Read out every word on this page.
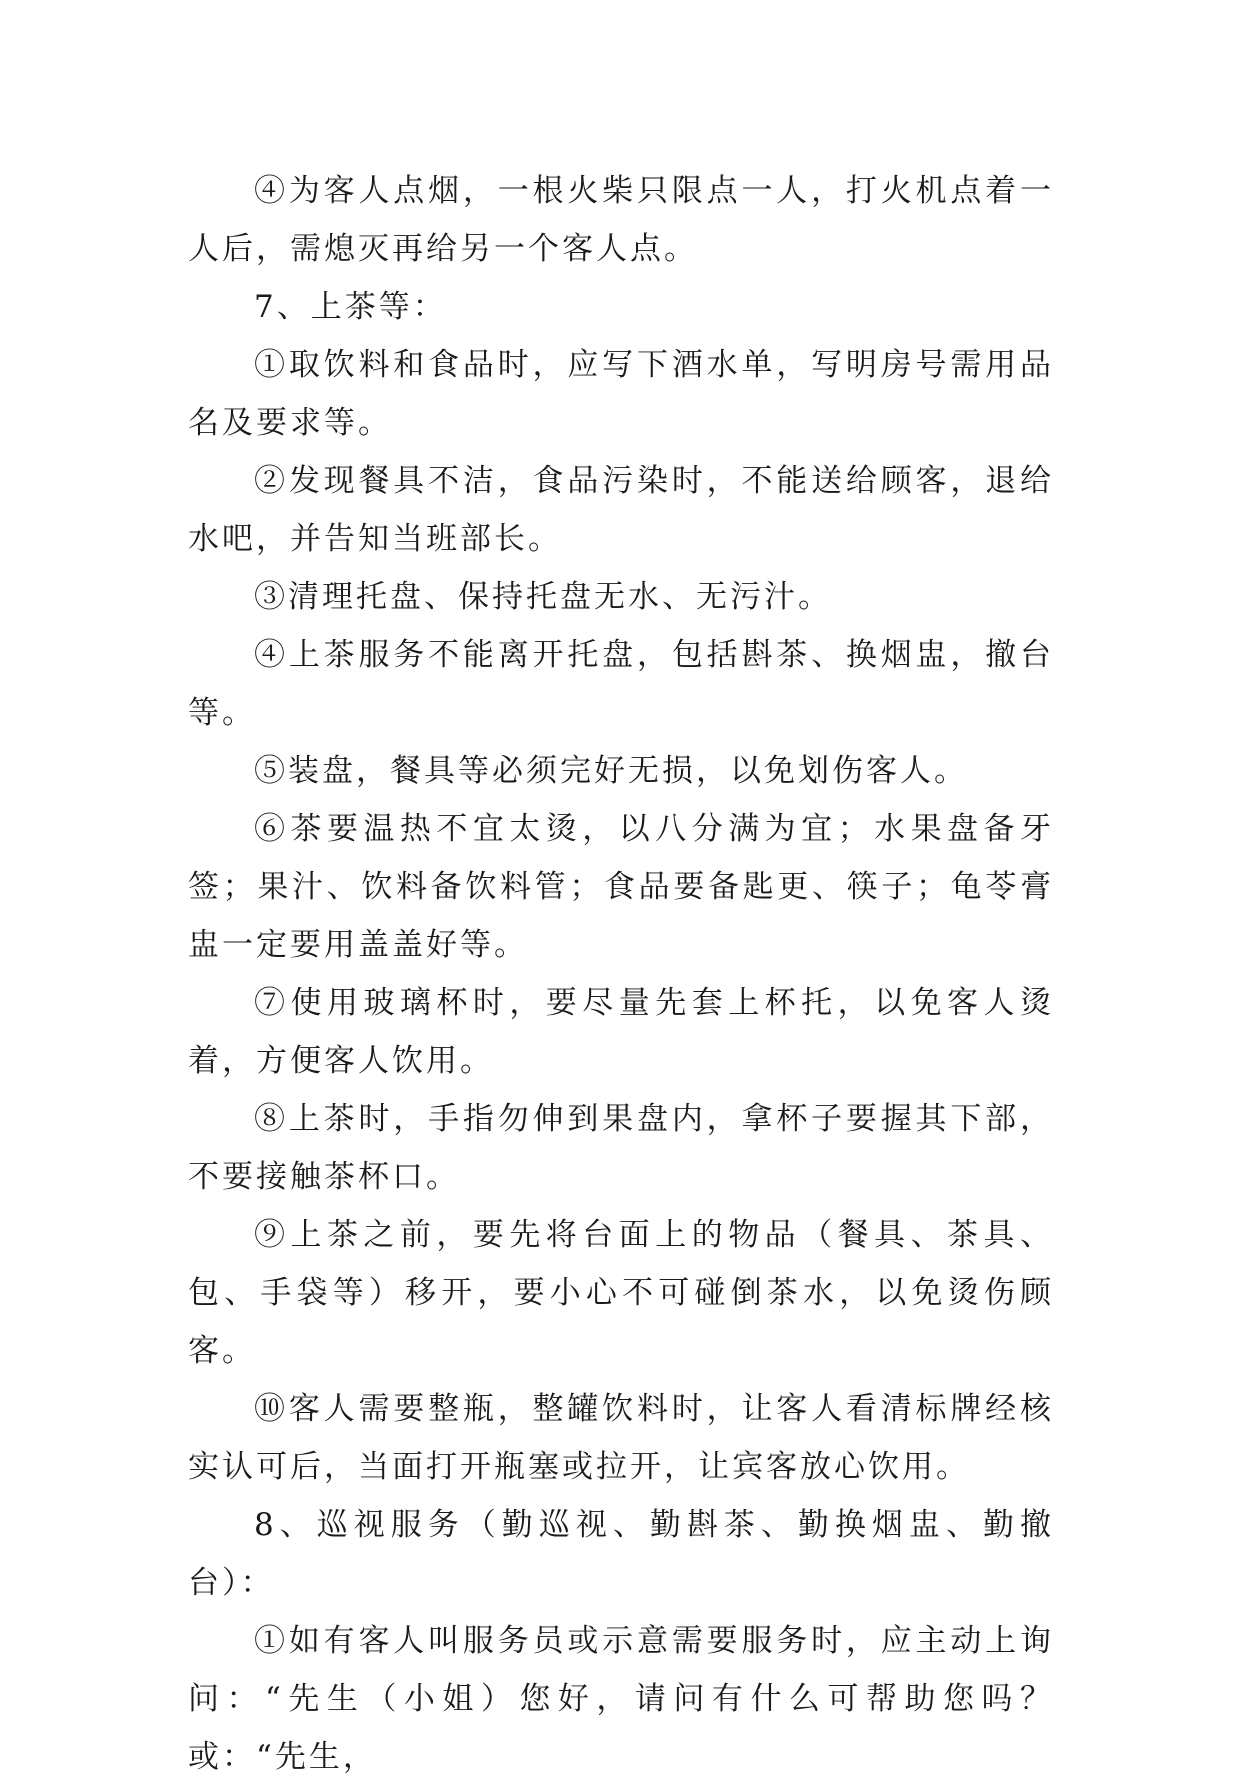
④为客人点烟，一根火柴只限点一人，打火机点着一人后，需熄灭再给另一个客人点。

7、上茶等：

①取饮料和食品时，应写下酒水单，写明房号需用品名及要求等。

②发现餐具不洁，食品污染时，不能送给顾客，退给水吧，并告知当班部长。

③清理托盘、保持托盘无水、无污汁。

④上茶服务不能离开托盘，包括斟茶、换烟盅，撤台等。

⑤装盘，餐具等必须完好无损，以免划伤客人。

⑥茶要温热不宜太烫，以八分满为宜；水果盘备牙签；果汁、饮料备饮料管；食品要备匙更、筷子；龟苓膏盅一定要用盖盖好等。

⑦使用玻璃杯时，要尽量先套上杯托，以免客人烫着，方便客人饮用。

⑧上茶时，手指勿伸到果盘内，拿杯子要握其下部，不要接触茶杯口。

⑨上茶之前，要先将台面上的物品（餐具、茶具、包、手袋等）移开，要小心不可碰倒茶水，以免烫伤顾客。

⑩客人需要整瓶，整罐饮料时，让客人看清标牌经核实认可后，当面打开瓶塞或拉开，让宾客放心饮用。

8、巡视服务（勤巡视、勤斟茶、勤换烟盅、勤撤台）：

①如有客人叫服务员或示意需要服务时，应主动上询问：“先生（小姐）您好，请问有什么可帮助您吗？或：“先生，
